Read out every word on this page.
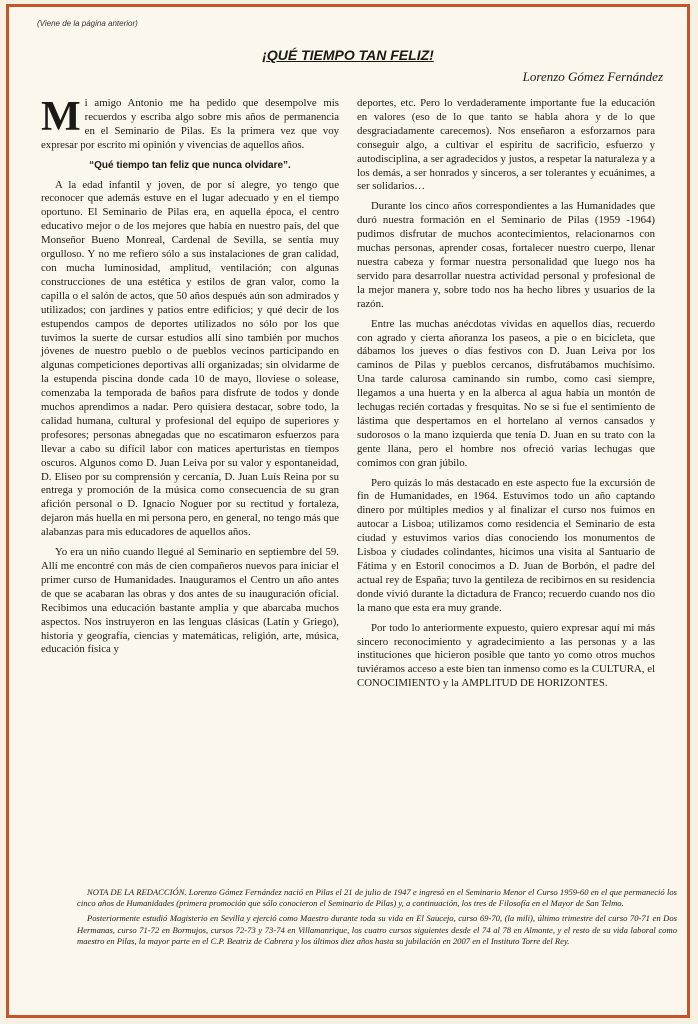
(Viene de la página anterior)
¡QUÉ TIEMPO TAN FELIZ!
Lorenzo Gómez Fernández

Mi amigo Antonio me ha pedido que desempolve mis recuerdos y escriba algo sobre mis años de permanencia en el Seminario de Pilas. Es la primera vez que voy expresar por escrito mi opinión y vivencias de aquellos años.

“Qué tiempo tan feliz que nunca olvidare”.

A la edad infantil y joven, de por sí alegre, yo tengo que reconocer que además estuve en el lugar adecuado y en el tiempo oportuno. El Seminario de Pilas era, en aquella época, el centro educativo mejor o de los mejores que había en nuestro país, del que Monseñor Bueno Monreal, Cardenal de Sevilla, se sentía muy orgulloso. Y no me refiero sólo a sus instalaciones de gran calidad, con mucha luminosidad, amplitud, ventilación; con algunas construcciones de una estética y estilos de gran valor, como la capilla o el salón de actos, que 50 años después aún son admirados y utilizados; con jardines y patios entre edificios; y qué decir de los estupendos campos de deportes utilizados no sólo por los que tuvimos la suerte de cursar estudios allí sino también por muchos jóvenes de nuestro pueblo o de pueblos vecinos participando en algunas competiciones deportivas allí organizadas; sin olvidarme de la estupenda piscina donde cada 10 de mayo, lloviese o solease, comenzaba la temporada de baños para disfrute de todos y donde muchos aprendimos a nadar. Pero quisiera destacar, sobre todo, la calidad humana, cultural y profesional del equipo de superiores y profesores; personas abnegadas que no escatimaron esfuerzos para llevar a cabo su difícil labor con matices aperturistas en tiempos oscuros. Algunos como D. Juan Leiva por su valor y espontaneidad, D. Eliseo por su comprensión y cercanía, D. Juan Luís Reina por su entrega y promoción de la música como consecuencia de su gran afición personal o D. Ignacio Noguer por su rectitud y fortaleza, dejaron más huella en mi persona pero, en general, no tengo más que alabanzas para mis educadores de aquellos años.

Yo era un niño cuando llegué al Seminario en septiembre del 59. Allí me encontré con más de cien compañeros nuevos para iniciar el primer curso de Humanidades. Inauguramos el Centro un año antes de que se acabaran las obras y dos antes de su inauguración oficial. Recibimos una educación bastante amplia y que abarcaba muchos aspectos. Nos instruyeron en las lenguas clásicas (Latín y Griego), historia y geografía, ciencias y matemáticas, religión, arte, música, educación física y

deportes, etc. Pero lo verdaderamente importante fue la educación en valores (eso de lo que tanto se habla ahora y de lo que desgraciadamente carecemos). Nos enseñaron a esforzarnos para conseguir algo, a cultivar el espíritu de sacrificio, esfuerzo y autodisciplina, a ser agradecidos y justos, a respetar la naturaleza y a los demás, a ser honrados y sinceros, a ser tolerantes y ecuánimes, a ser solidarios…

Durante los cinco años correspondientes a las Humanidades que duró nuestra formación en el Seminario de Pilas (1959 -1964) pudimos disfrutar de muchos acontecimientos, relacionarnos con muchas personas, aprender cosas, fortalecer nuestro cuerpo, llenar nuestra cabeza y formar nuestra personalidad que luego nos ha servido para desarrollar nuestra actividad personal y profesional de la mejor manera y, sobre todo nos ha hecho libres y usuarios de la razón.

Entre las muchas anécdotas vividas en aquellos días, recuerdo con agrado y cierta añoranza los paseos, a pie o en bicicleta, que dábamos los jueves o días festivos con D. Juan Leiva por los caminos de Pilas y pueblos cercanos, disfrutábamos muchísimo. Una tarde calurosa caminando sin rumbo, como casi siempre, llegamos a una huerta y en la alberca al agua había un montón de lechugas recién cortadas y fresquitas. No se si fue el sentimiento de lástima que despertamos en el hortelano al vernos cansados y sudorosos o la mano izquierda que tenía D. Juan en su trato con la gente llana, pero el hombre nos ofreció varias lechugas que comimos con gran júbilo.

Pero quizás lo más destacado en este aspecto fue la excursión de fin de Humanidades, en 1964. Estuvimos todo un año captando dinero por múltiples medios y al finalizar el curso nos fuimos en autocar a Lisboa; utilizamos como residencia el Seminario de esta ciudad y estuvimos varios días conociendo los monumentos de Lisboa y ciudades colindantes, hicimos una visita al Santuario de Fátima y en Estoril conocimos a D. Juan de Borbón, el padre del actual rey de España; tuvo la gentileza de recibirnos en su residencia donde vivió durante la dictadura de Franco; recuerdo cuando nos dio la mano que esta era muy grande.

Por todo lo anteriormente expuesto, quiero expresar aquí mi más sincero reconocimiento y agradecimiento a las personas y a las instituciones que hicieron posible que tanto yo como otros muchos tuviéramos acceso a este bien tan inmenso como es la CULTURA, el CONOCIMIENTO y la AMPLITUD DE HORIZONTES.

NOTA DE LA REDACCIÓN. Lorenzo Gómez Fernández nació en Pilas el 21 de julio de 1947 e ingresó en el Seminario Menor el Curso 1959-60 en el que permaneció los cinco años de Humanidades (primera promoción que sólo conocieron el Seminario de Pilas) y, a continuación, los tres de Filosofía en el Mayor de San Telmo.

Posteriormente estudió Magisterio en Sevilla y ejerció como Maestro durante toda su vida en El Saucejo, curso 69-70, (la mili), último trimestre del curso 70-71 en Dos Hermanas, curso 71-72 en Bormujos, cursos 72-73 y 73-74 en Villamanrique, los cuatro cursos siguientes desde el 74 al 78 en Almonte, y el resto de su vida laboral como maestro en Pilas, la mayor parte en el C.P. Beatriz de Cabrera y los últimos diez años hasta su jubilación en 2007 en el Instituto Torre del Rey.
